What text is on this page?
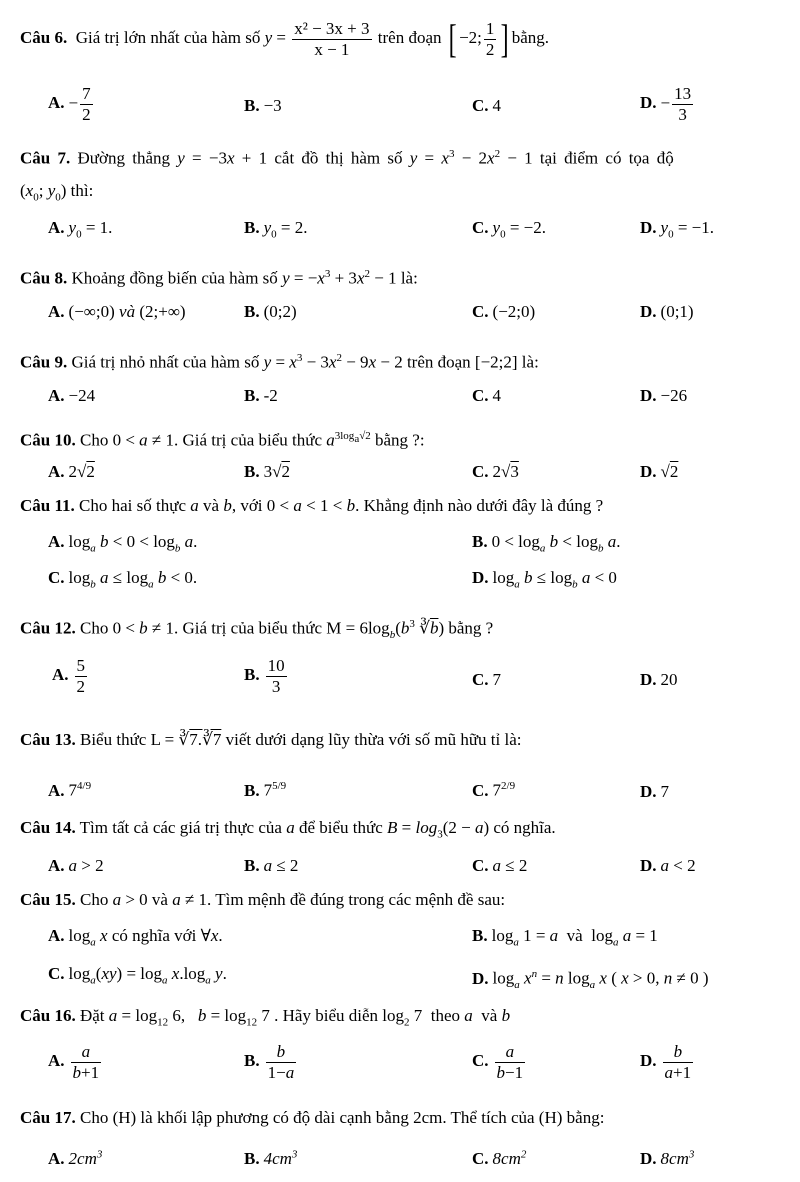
Câu 6. Giá trị lớn nhất của hàm số $y = \frac{\text{x² − 3x + 3}}{x - 1}$ trên đoạn [ −2; $\frac{1}{2}$ ] bằng.
A. − $\frac{7}{2}$	B. −3	C. 4	D. − $\frac{13}{3}$
Câu 7. Đường thẳng y = −3x + 1 cắt đồ thị hàm số $y = x^3 - 2x^2 - 1$ tại điểm có tọa độ
($x_0$; $y_0$) thì:
A. $y_0 = 1$.	B. $y_0 = 2$.	C. $y_0 = -2$.	D. $y_0 = -1$.
Câu 8. Khoảng đồng biến của hàm số $y = -x^3 + 3x^2 - 1$ là:
A. (−∞;0) và (2;+∞)	B. (0;2)	C. (−2;0)	D. (0;1)
Câu 9. Giá trị nhỏ nhất của hàm số $y = x^3 - 3x^2 - 9x - 2$ trên đoạn [−2;2] là:
A. −24	B. -2	C. 4	D. −26
Câu 10. Cho 0 < a ≠ 1. Giá trị của biểu thức $a^{3log_a√2}$ bằng ?:
A. 2√2	B. 3√2	C. 2√3	D. √2
Câu 11. Cho hai số thực a và b, với 0 < a < 1 < b. Khẳng định nào dưới đây là đúng ?
A. $\log_a b < 0 < \log_b a$.	B. $0 < \log_a b < \log_b a$.
C. $\log_b a \le \log_a b < 0$.	D. $\log_a b \le \log_b a < 0$
Câu 12. Cho 0 < b ≠ 1. Giá trị của biểu thức $M = 6\log_b(b^3$ $∛\overline{b}$) bằng ?
A. $\frac{5}{2}$	B. $\frac{10}{3}$	C. 7	D. 20
Câu 13. Biểu thức L = ∛7.∛7 viết dưới dạng lũy thừa với số mũ hữu tỉ là:
A. $7^{4/9}$	B. $7^{5/9}$	C. $7^{2/9}$	D. 7
Câu 14. Tìm tất cả các giá trị thực của a để biểu thức $B = \log_3(2 - a)$ có nghĩa.
A. a > 2	B. a ≤ 2	C. a ≤ 2	D. a < 2
Câu 15. Cho a > 0 và a ≠ 1. Tìm mệnh đề đúng trong các mệnh đề sau:
A. $\log_a x$ có nghĩa với ∀x.	B. $\log_a 1 = a$  và  $\log_a a = 1$
C. $\log_a(xy) = \log_a x.\log_a$ y.	D. $\log_a x^n = n$ $\log_a x$ ( x > 0, n ≠ 0 )
Câu 16. Đặt $a = \log_{12} 6$,   $b = \log_{12} 7$ . Hãy biểu diễn $\log_2 7$  theo a  và b
A. $\frac{a}{b+1}$	B. $\frac{b}{1-a}$	C. $\frac{a}{b-1}$	D. $\frac{b}{a+1}$
Câu 17. Cho (H) là khối lập phương có độ dài cạnh bằng 2cm. Thể tích của (H) bằng:
A. $2cm^3$	B. $4cm^3$	C. $8cm^2$	D. $8cm^3$
